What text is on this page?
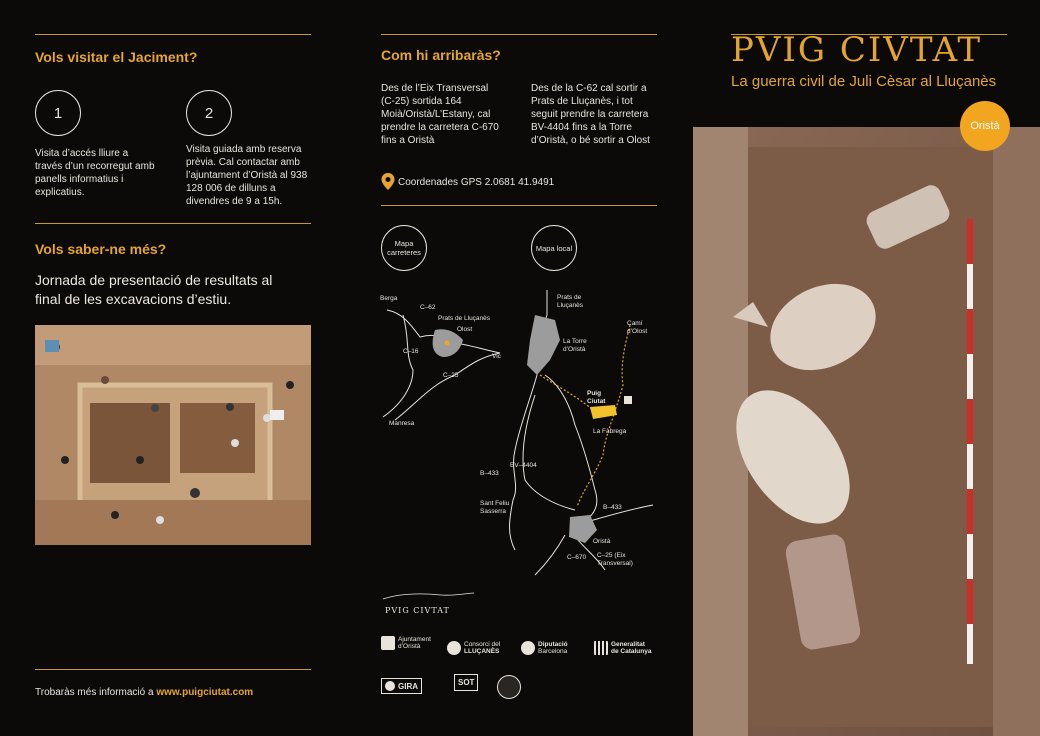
Vols visitar el Jaciment?
1
Visita d’accés lliure a través d’un recorregut amb panells informatius i explicatius.
2
Visita guiada amb reserva prèvia. Cal contactar amb l’ajuntament d’Oristà al 938 128 006 de dilluns a divendres de 9 a 15h.
Vols saber-ne més?
Jornada de presentació de resultats al final de les excavacions d’estiu.
Trobaràs més informació a www.puigciutat.com
Com hi arribaràs?
Des de l’Eix Transversal (C-25) sortida 164 Moià/Oristà/L’Estany, cal prendre la carretera C-670 fins a Oristà
Des de la C-62 cal sortir a Prats de Lluçanès, i tot seguit prendre la carretera BV-4404 fins a la Torre d’Oristà, o bé sortir a Olost
Coordenades GPS 2.0681 41.9491
Mapa carreteres	Mapa local
Berga
C–62
Prats de Lluçanès
Olost
C–16
Vic
C–25
Manresa
Prats de
Lluçanès
La Torre
d’Oristà
Camí
d’Olost
Puig
Ciutat
La Fàbrega
B–433
BV–4404
Sant Feliu
Sasserra
B–433
Oristà
C–670 C–25 (Eix
Transversal)
PVIG CIVTAT
Ajuntament
d’Oristà	Consorci del
LLUÇANÈS
Diputació
Barcelona
Generalitat
de Catalunya
GIRA	SOT
PVIG CIVTAT
La guerra civil de Juli Cèsar al Lluçanès
Oristà
